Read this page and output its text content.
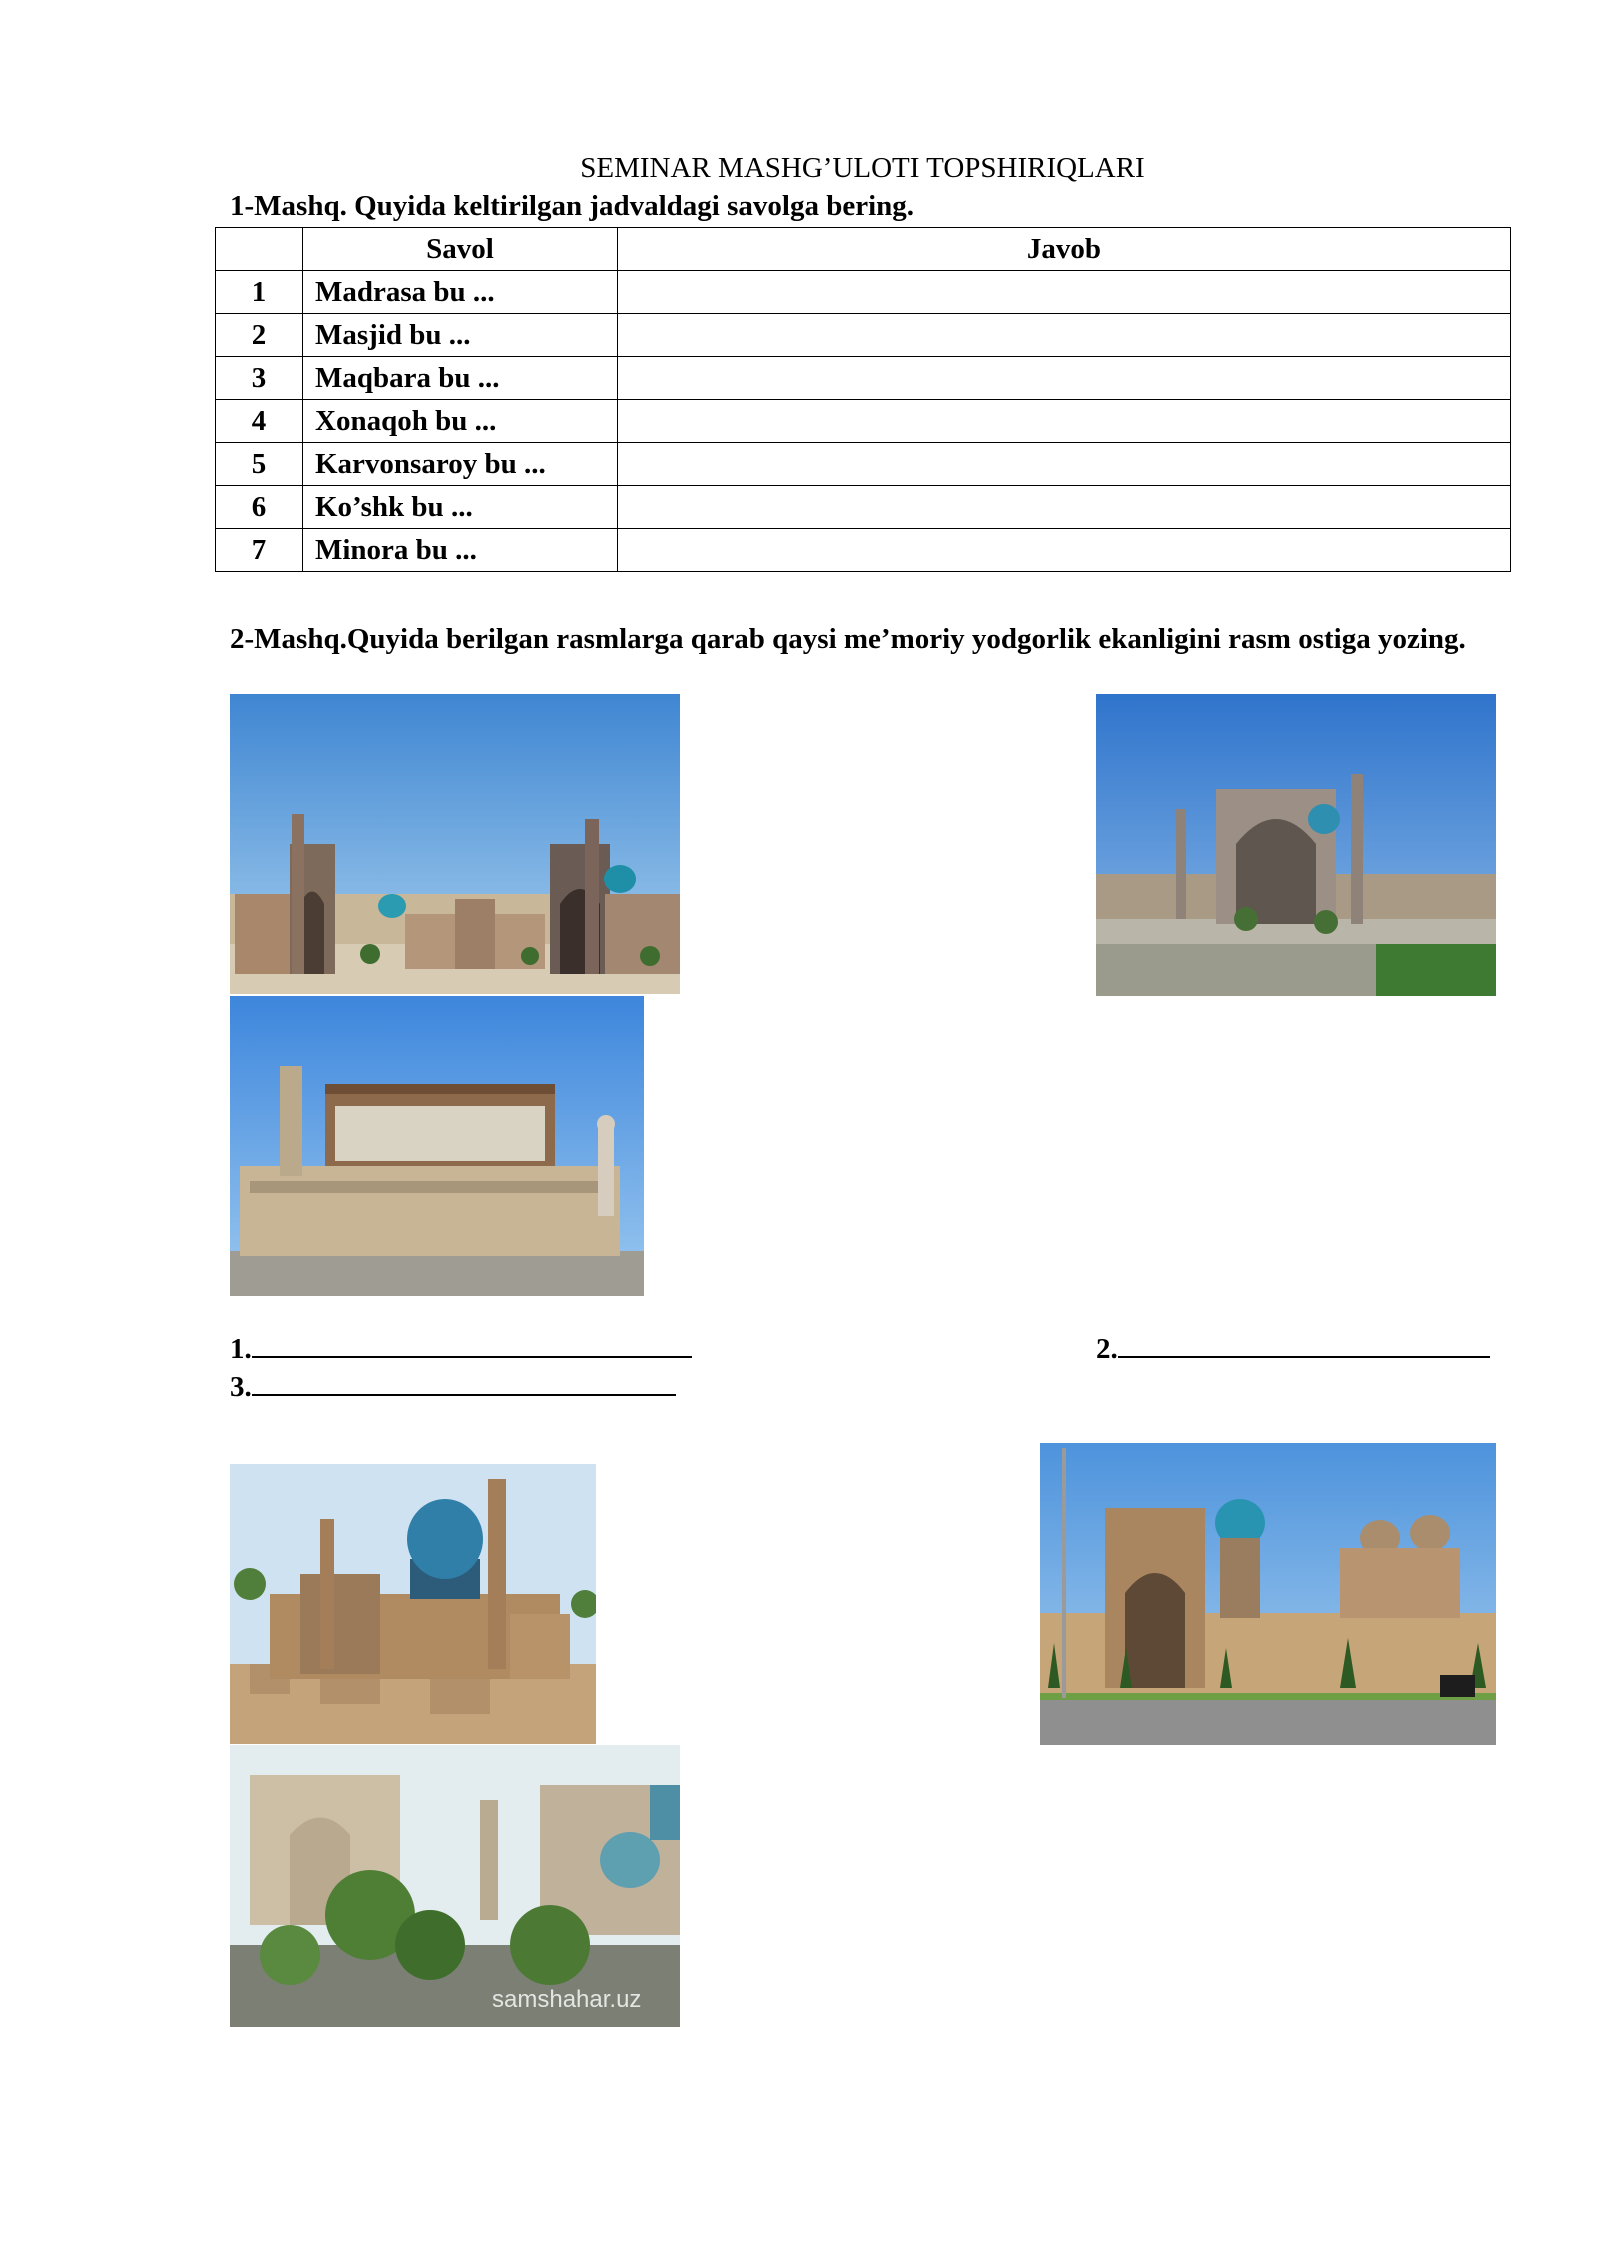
SEMINAR MASHG’ULOTI TOPSHIRIQLARI
1-Mashq. Quyida keltirilgan jadvaldagi savolga bering.
	Savol	Javob
1	Madrasa bu ...	
2	Masjid bu ...	
3	Maqbara bu ...	
4	Xonaqoh bu ...	
5	Karvonsaroy bu ...	
6	Ko’shk bu ...	
7	Minora bu ...	
2-Mashq.Quyida berilgan rasmlarga qarab qaysi me’moriy yodgorlik ekanligini rasm ostiga yozing.
1.	2.
3.
samshahar.uz
